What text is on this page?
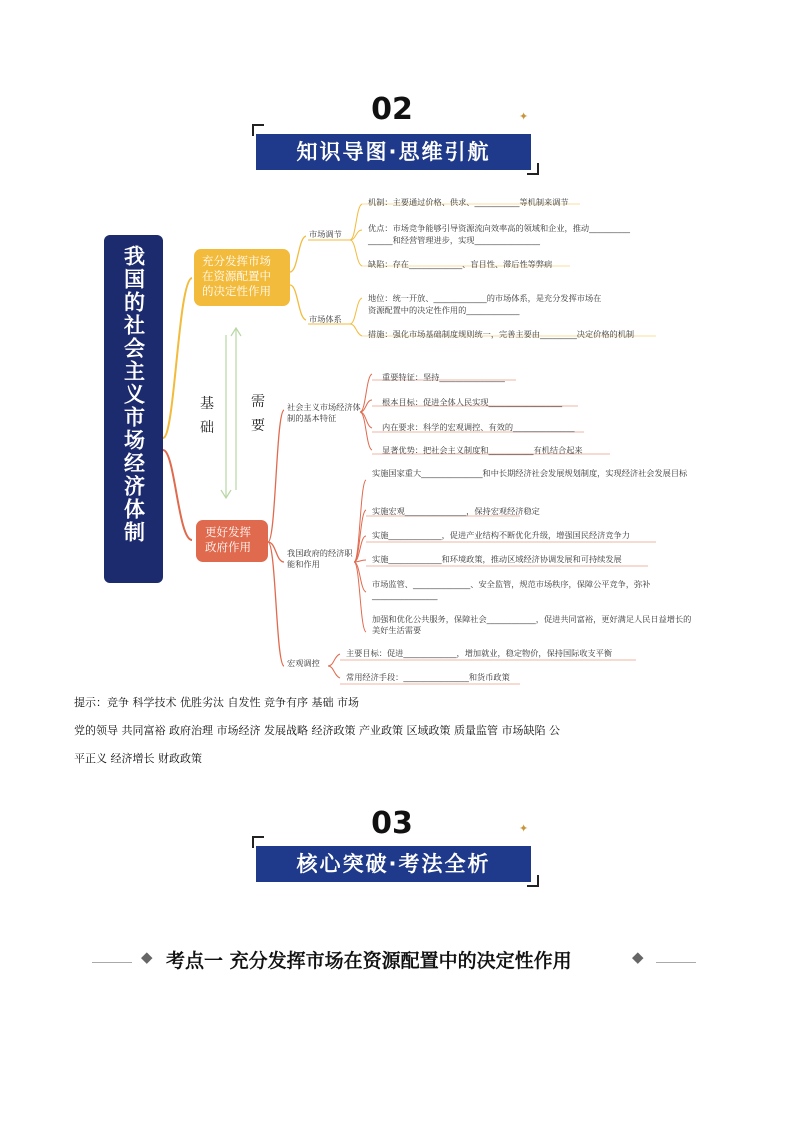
02
知识导图·思维引航
✦
我国的社会主义市场经济体制	充分发挥市场在资源配置中的决定性作用
基础
需要
更好发挥政府作用
市场调节
市场体系
机制：主要通过价格、供求、___________等机制来调节
优点：市场竞争能够引导资源流向效率高的领域和企业，推动__________
______和经营管理进步，实现________________
缺陷：存在_____________、盲目性、滞后性等弊病
地位：统一开放、_____________的市场体系，是充分发挥市场在
资源配置中的决定性作用的_____________
措施：强化市场基础制度规则统一，完善主要由_________决定价格的机制
社会主义市场经济体制的基本特征
我国政府的经济职能和作用
宏观调控
重要特征：坚持________________
根本目标：促进全体人民实现__________________
内在要求：科学的宏观调控、有效的_______________
显著优势：把社会主义制度和___________有机结合起来
实施国家重大_______________和中长期经济社会发展规划制度，实现经济社会发展目标
实施宏观_______________，保持宏观经济稳定
实施_____________，促进产业结构不断优化升级，增强国民经济竞争力
实施_____________和环境政策，推动区域经济协调发展和可持续发展
市场监管、______________、安全监管，规范市场秩序，保障公平竞争，弥补________________
加强和优化公共服务，保障社会____________，促进共同富裕，更好满足人民日益增长的美好生活需要
主要目标：促进_____________，增加就业，稳定物价，保持国际收支平衡
常用经济手段：________________和货币政策
提示：竞争 科学技术 优胜劣汰 自发性 竞争有序 基础 市场
党的领导 共同富裕 政府治理 市场经济 发展战略 经济政策 产业政策 区域政策 质量监管 市场缺陷 公
平正义 经济增长 财政政策
03
核心突破·考法全析
✦
◆ 考点一 充分发挥市场在资源配置中的决定性作用	◆
